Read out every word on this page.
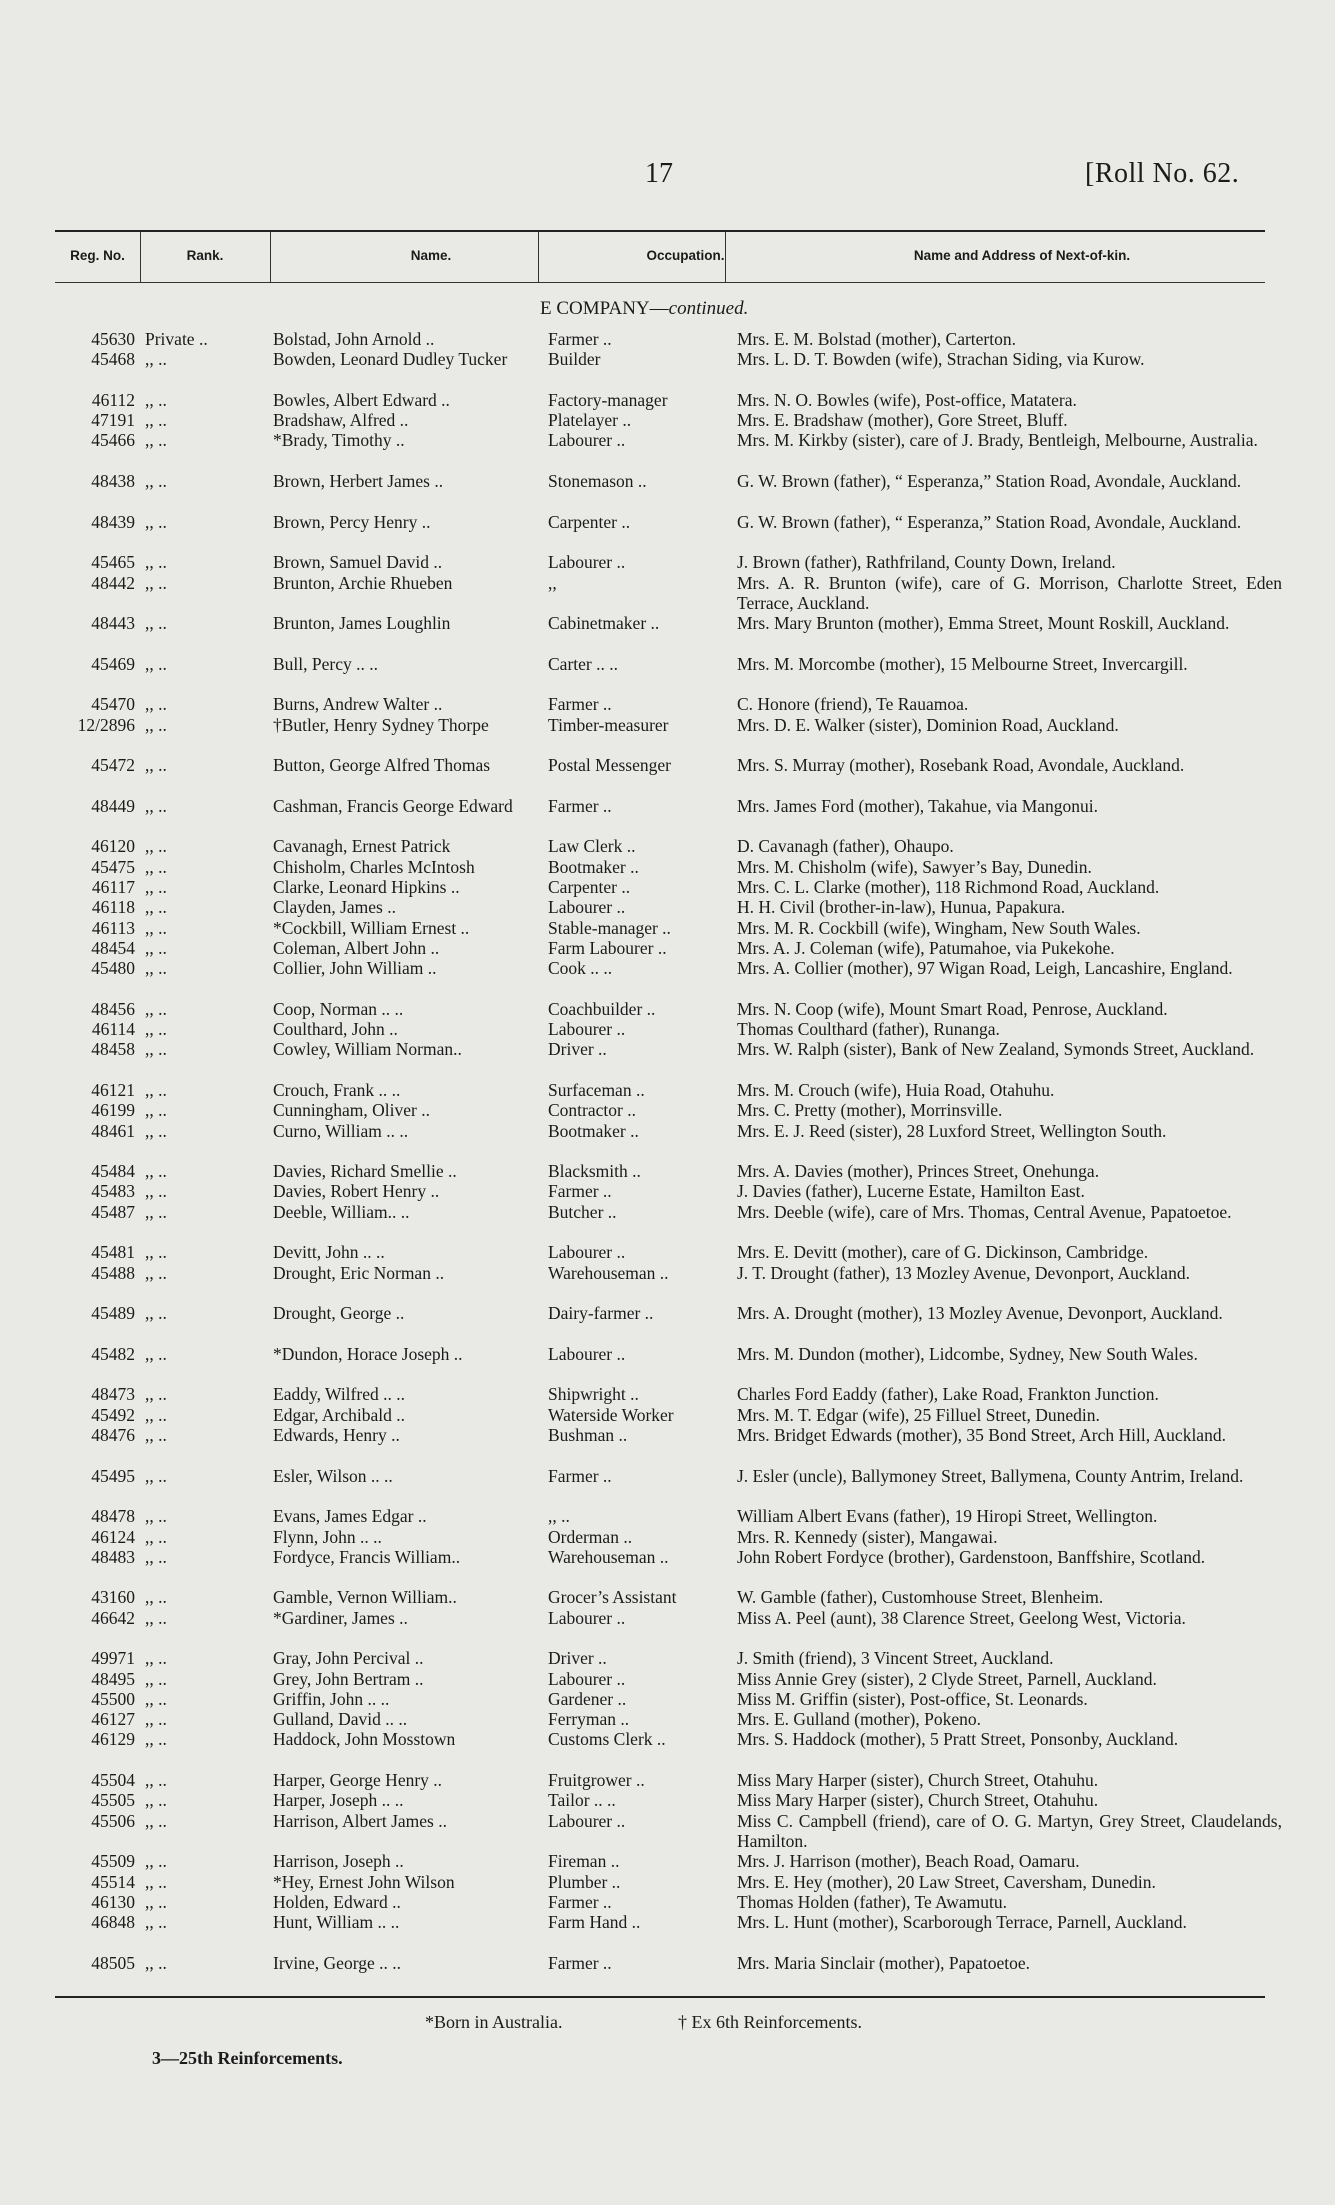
17	[Roll No. 62.
Reg. No.	Rank.	Name.	Occupation.	Name and Address of Next-of-kin.
E COMPANY—continued.
45630 Private ..	Bolstad, John Arnold ..	Farmer ..	Mrs. E. M. Bolstad (mother), Carterton.
45468 ,, ..	Bowden, Leonard Dudley Tucker	Builder	Mrs. L. D. T. Bowden (wife), Strachan Siding, via Kurow.
46112 ,, ..	Bowles, Albert Edward ..	Factory-manager	Mrs. N. O. Bowles (wife), Post-office, Matatera.
47191 ,, ..	Bradshaw, Alfred ..	Platelayer ..	Mrs. E. Bradshaw (mother), Gore Street, Bluff.
45466 ,, ..	*Brady, Timothy ..	Labourer ..	Mrs. M. Kirkby (sister), care of J. Brady, Bentleigh, Melbourne, Australia.
48438 ,, ..	Brown, Herbert James ..	Stonemason ..	G. W. Brown (father), “ Esperanza,” Station Road, Avondale, Auckland.
48439 ,, ..	Brown, Percy Henry ..	Carpenter ..	G. W. Brown (father), “ Esperanza,” Station Road, Avondale, Auckland.
45465 ,, ..	Brown, Samuel David ..	Labourer ..	J. Brown (father), Rathfriland, County Down, Ireland.
48442 ,, ..	Brunton, Archie Rhueben	,,	Mrs. A. R. Brunton (wife), care of G. Morrison, Charlotte Street, Eden Terrace, Auckland.
48443 ,, ..	Brunton, James Loughlin	Cabinetmaker ..	Mrs. Mary Brunton (mother), Emma Street, Mount Roskill, Auckland.
45469 ,, ..	Bull, Percy .. ..	Carter .. ..	Mrs. M. Morcombe (mother), 15 Melbourne Street, Invercargill.
45470 ,, ..	Burns, Andrew Walter ..	Farmer ..	C. Honore (friend), Te Rauamoa.
12/2896 ,, ..	†Butler, Henry Sydney Thorpe	Timber-measurer	Mrs. D. E. Walker (sister), Dominion Road, Auckland.
45472 ,, ..	Button, George Alfred Thomas	Postal Messenger	Mrs. S. Murray (mother), Rosebank Road, Avondale, Auckland.
48449 ,, ..	Cashman, Francis George Edward	Farmer ..	Mrs. James Ford (mother), Takahue, via Mangonui.
46120 ,, ..	Cavanagh, Ernest Patrick	Law Clerk ..	D. Cavanagh (father), Ohaupo.
45475 ,, ..	Chisholm, Charles McIntosh	Bootmaker ..	Mrs. M. Chisholm (wife), Sawyer’s Bay, Dunedin.
46117 ,, ..	Clarke, Leonard Hipkins ..	Carpenter ..	Mrs. C. L. Clarke (mother), 118 Richmond Road, Auckland.
46118 ,, ..	Clayden, James ..	Labourer ..	H. H. Civil (brother-in-law), Hunua, Papakura.
46113 ,, ..	*Cockbill, William Ernest ..	Stable-manager ..	Mrs. M. R. Cockbill (wife), Wingham, New South Wales.
48454 ,, ..	Coleman, Albert John ..	Farm Labourer ..	Mrs. A. J. Coleman (wife), Patumahoe, via Pukekohe.
45480 ,, ..	Collier, John William ..	Cook .. ..	Mrs. A. Collier (mother), 97 Wigan Road, Leigh, Lancashire, England.
48456 ,, ..	Coop, Norman .. ..	Coachbuilder ..	Mrs. N. Coop (wife), Mount Smart Road, Penrose, Auckland.
46114 ,, ..	Coulthard, John ..	Labourer ..	Thomas Coulthard (father), Runanga.
48458 ,, ..	Cowley, William Norman..	Driver ..	Mrs. W. Ralph (sister), Bank of New Zealand, Symonds Street, Auckland.
46121 ,, ..	Crouch, Frank .. ..	Surfaceman ..	Mrs. M. Crouch (wife), Huia Road, Otahuhu.
46199 ,, ..	Cunningham, Oliver ..	Contractor ..	Mrs. C. Pretty (mother), Morrinsville.
48461 ,, ..	Curno, William .. ..	Bootmaker ..	Mrs. E. J. Reed (sister), 28 Luxford Street, Wellington South.
45484 ,, ..	Davies, Richard Smellie ..	Blacksmith ..	Mrs. A. Davies (mother), Princes Street, Onehunga.
45483 ,, ..	Davies, Robert Henry ..	Farmer ..	J. Davies (father), Lucerne Estate, Hamilton East.
45487 ,, ..	Deeble, William.. ..	Butcher ..	Mrs. Deeble (wife), care of Mrs. Thomas, Central Avenue, Papatoetoe.
45481 ,, ..	Devitt, John .. ..	Labourer ..	Mrs. E. Devitt (mother), care of G. Dickinson, Cambridge.
45488 ,, ..	Drought, Eric Norman ..	Warehouseman ..	J. T. Drought (father), 13 Mozley Avenue, Devonport, Auckland.
45489 ,, ..	Drought, George ..	Dairy-farmer ..	Mrs. A. Drought (mother), 13 Mozley Avenue, Devonport, Auckland.
45482 ,, ..	*Dundon, Horace Joseph ..	Labourer ..	Mrs. M. Dundon (mother), Lidcombe, Sydney, New South Wales.
48473 ,, ..	Eaddy, Wilfred .. ..	Shipwright ..	Charles Ford Eaddy (father), Lake Road, Frankton Junction.
45492 ,, ..	Edgar, Archibald ..	Waterside Worker	Mrs. M. T. Edgar (wife), 25 Filluel Street, Dunedin.
48476 ,, ..	Edwards, Henry ..	Bushman ..	Mrs. Bridget Edwards (mother), 35 Bond Street, Arch Hill, Auckland.
45495 ,, ..	Esler, Wilson .. ..	Farmer ..	J. Esler (uncle), Ballymoney Street, Ballymena, County Antrim, Ireland.
48478 ,, ..	Evans, James Edgar ..	,, ..	William Albert Evans (father), 19 Hiropi Street, Wellington.
46124 ,, ..	Flynn, John .. ..	Orderman ..	Mrs. R. Kennedy (sister), Mangawai.
48483 ,, ..	Fordyce, Francis William..	Warehouseman ..	John Robert Fordyce (brother), Gardenstoon, Banffshire, Scotland.
43160 ,, ..	Gamble, Vernon William..	Grocer’s Assistant	W. Gamble (father), Customhouse Street, Blenheim.
46642 ,, ..	*Gardiner, James ..	Labourer ..	Miss A. Peel (aunt), 38 Clarence Street, Geelong West, Victoria.
49971 ,, ..	Gray, John Percival ..	Driver ..	J. Smith (friend), 3 Vincent Street, Auckland.
48495 ,, ..	Grey, John Bertram ..	Labourer ..	Miss Annie Grey (sister), 2 Clyde Street, Parnell, Auckland.
45500 ,, ..	Griffin, John .. ..	Gardener ..	Miss M. Griffin (sister), Post-office, St. Leonards.
46127 ,, ..	Gulland, David .. ..	Ferryman ..	Mrs. E. Gulland (mother), Pokeno.
46129 ,, ..	Haddock, John Mosstown	Customs Clerk ..	Mrs. S. Haddock (mother), 5 Pratt Street, Ponsonby, Auckland.
45504 ,, ..	Harper, George Henry ..	Fruitgrower ..	Miss Mary Harper (sister), Church Street, Otahuhu.
45505 ,, ..	Harper, Joseph .. ..	Tailor .. ..	Miss Mary Harper (sister), Church Street, Otahuhu.
45506 ,, ..	Harrison, Albert James ..	Labourer ..	Miss C. Campbell (friend), care of O. G. Martyn, Grey Street, Claudelands, Hamilton.
45509 ,, ..	Harrison, Joseph ..	Fireman ..	Mrs. J. Harrison (mother), Beach Road, Oamaru.
45514 ,, ..	*Hey, Ernest John Wilson	Plumber ..	Mrs. E. Hey (mother), 20 Law Street, Caversham, Dunedin.
46130 ,, ..	Holden, Edward ..	Farmer ..	Thomas Holden (father), Te Awamutu.
46848 ,, ..	Hunt, William .. ..	Farm Hand ..	Mrs. L. Hunt (mother), Scarborough Terrace, Parnell, Auckland.
48505 ,, ..	Irvine, George .. ..	Farmer ..	Mrs. Maria Sinclair (mother), Papatoetoe.
*Born in Australia.	† Ex 6th Reinforcements.
3—25th Reinforcements.
